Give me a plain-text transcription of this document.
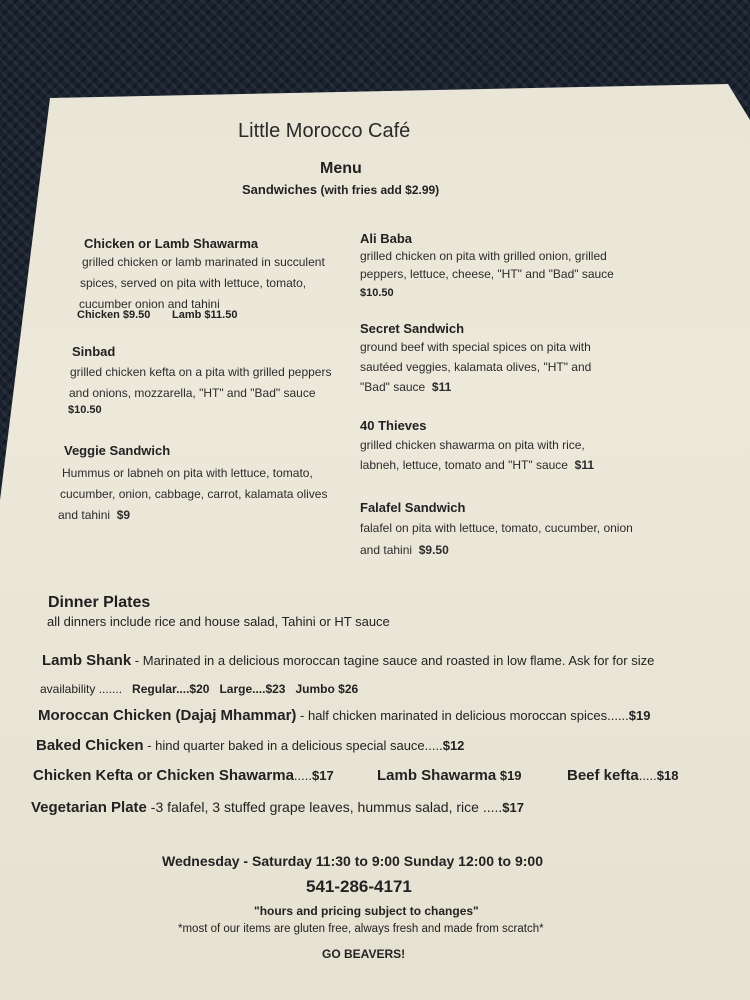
Little Morocco Café
Menu
Sandwiches (with fries add $2.99)
Chicken or Lamb Shawarma
grilled chicken or lamb marinated in succulent
spices, served on pita with lettuce, tomato,
cucumber onion and tahini
Chicken $9.50 Lamb $11.50
Sinbad
grilled chicken kefta on a pita with grilled peppers
and onions, mozzarella, "HT" and "Bad" sauce
$10.50
Veggie Sandwich
Hummus or labneh on pita with lettuce, tomato,
cucumber, onion, cabbage, carrot, kalamata olives
and tahini $9
Ali Baba
grilled chicken on pita with grilled onion, grilled
peppers, lettuce, cheese, "HT" and "Bad" sauce
$10.50
Secret Sandwich
ground beef with special spices on pita with
sautéed veggies, kalamata olives, "HT" and
"Bad" sauce $11
40 Thieves
grilled chicken shawarma on pita with rice,
labneh, lettuce, tomato and "HT" sauce $11
Falafel Sandwich
falafel on pita with lettuce, tomato, cucumber, onion
and tahini $9.50
Dinner Plates
all dinners include rice and house salad, Tahini or HT sauce
Lamb Shank - Marinated in a delicious moroccan tagine sauce and roasted in low flame. Ask for for size
availability ....... Regular....$20 Large....$23 Jumbo $26
Moroccan Chicken (Dajaj Mhammar) - half chicken marinated in delicious moroccan spices......$19
Baked Chicken - hind quarter baked in a delicious special sauce.....$12
Chicken Kefta or Chicken Shawarma.....$17	Lamb Shawarma $19	Beef kefta.....$18
Vegetarian Plate -3 falafel, 3 stuffed grape leaves, hummus salad, rice .....$17
Wednesday - Saturday 11:30 to 9:00 Sunday 12:00 to 9:00
541-286-4171
"hours and pricing subject to changes"
*most of our items are gluten free, always fresh and made from scratch*
GO BEAVERS!
